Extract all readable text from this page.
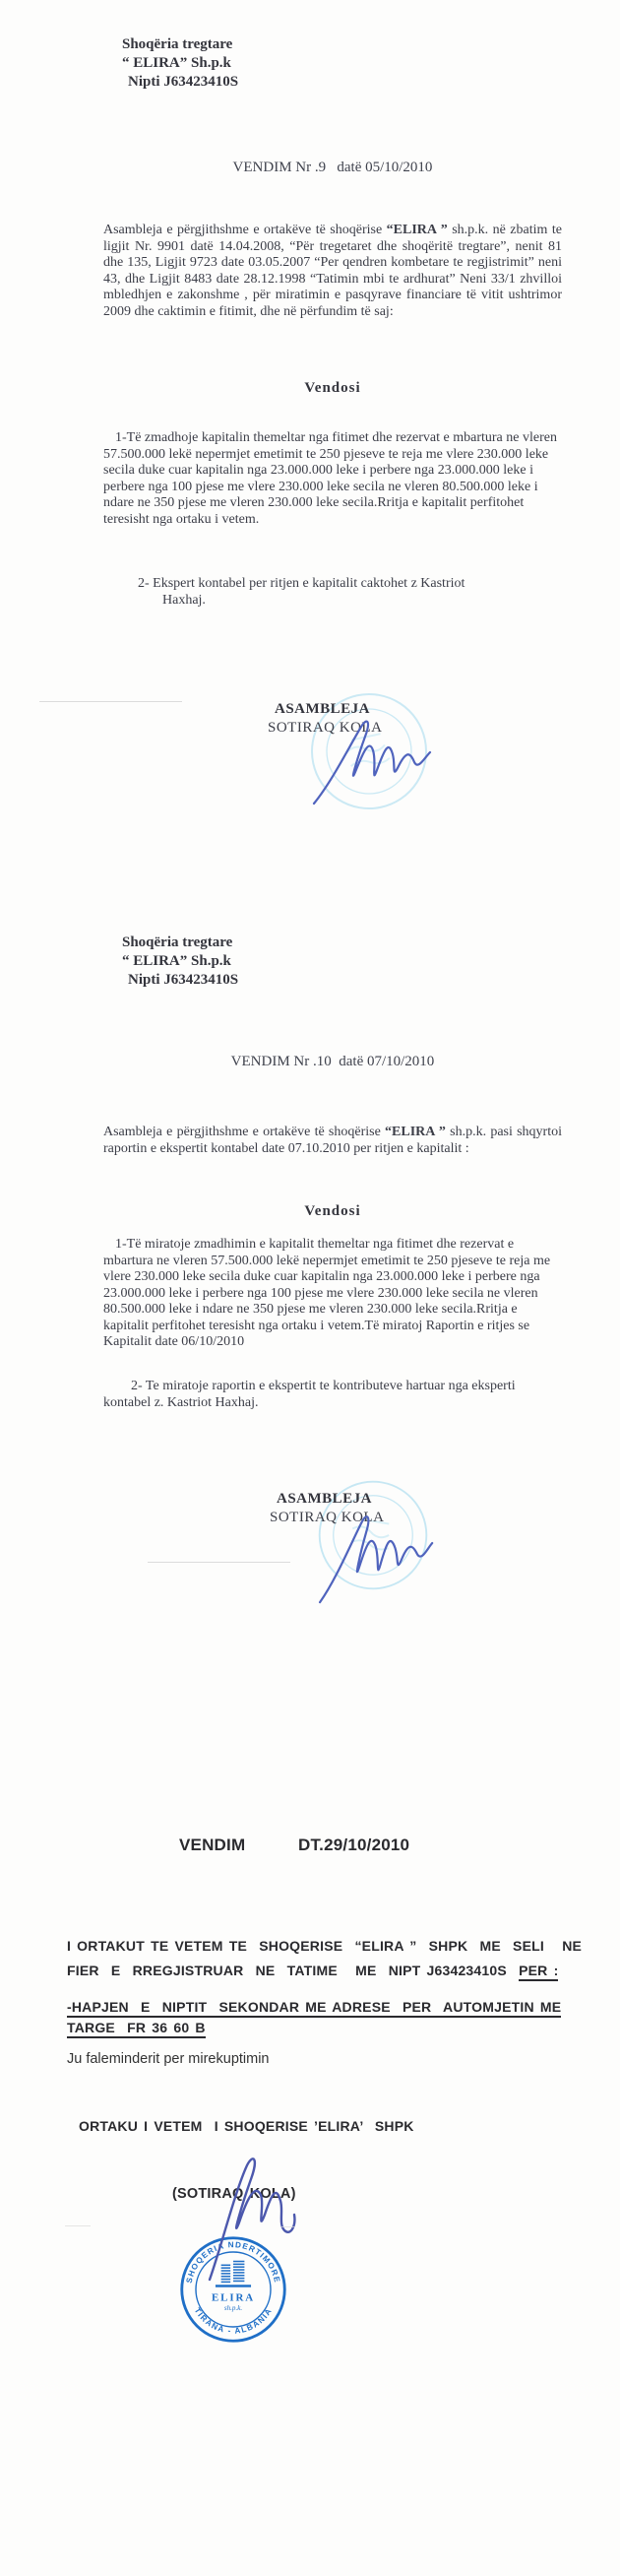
Shoqëria tregtare
“ ELIRA” Sh.p.k
Nipti J63423410S
VENDIM Nr .9   datë 05/10/2010
Asambleja e përgjithshme e ortakëve të shoqërise “ELIRA ” sh.p.k. në zbatim te ligjit Nr. 9901 datë 14.04.2008, “Për tregetaret dhe shoqëritë tregtare”, nenit 81 dhe 135, Ligjit 9723 date 03.05.2007 “Per qendren kombetare te regjistrimit” neni 43, dhe Ligjit 8483 date 28.12.1998 “Tatimin mbi te ardhurat” Neni 33/1 zhvilloi mbledhjen e zakonshme , për miratimin e pasqyrave financiare të vitit ushtrimor 2009 dhe caktimin e fitimit, dhe në përfundim të saj:
Vendosi
1-Të zmadhoje kapitalin themeltar nga fitimet dhe rezervat e mbartura ne vleren 57.500.000 lekë nepermjet emetimit te 250 pjeseve te reja me vlere 230.000 leke secila duke cuar kapitalin nga 23.000.000 leke i perbere nga 23.000.000 leke i perbere nga 100 pjese me vlere 230.000 leke secila ne vleren 80.500.000 leke i ndare ne 350 pjese me vleren 230.000 leke secila.Rritja e kapitalit perfitohet teresisht nga ortaku i vetem.
2- Ekspert kontabel per ritjen e kapitalit caktohet z Kastriot Haxhaj.
ASAMBLEJA
SOTIRAQ KOLA
Shoqëria tregtare
“ ELIRA” Sh.p.k
Nipti J63423410S
VENDIM Nr .10  datë 07/10/2010
Asambleja e përgjithshme e ortakëve të shoqërise “ELIRA ” sh.p.k. pasi shqyrtoi raportin e ekspertit kontabel date 07.10.2010 per ritjen e kapitalit :
Vendosi
1-Të miratoje zmadhimin e kapitalit themeltar nga fitimet dhe rezervat e mbartura ne vleren 57.500.000 lekë nepermjet emetimit te 250 pjeseve te reja me vlere 230.000 leke secila duke cuar kapitalin nga 23.000.000 leke i perbere nga 23.000.000 leke i perbere nga 100 pjese me vlere 230.000 leke secila ne vleren 80.500.000 leke i ndare ne 350 pjese me vleren 230.000 leke secila.Rritja e kapitalit perfitohet teresisht nga ortaku i vetem.Të miratoj Raportin e ritjes se Kapitalit date 06/10/2010
2- Te miratoje raportin e ekspertit te kontributeve hartuar nga eksperti kontabel z. Kastriot Haxhaj.
ASAMBLEJA
SOTIRAQ KOLA
VENDIM	DT.29/10/2010
I ORTAKUT TE VETEM TE  SHOQERISE  “ELIRA ”  SHPK  ME  SELI   NE
FIER  E  RREGJISTRUAR  NE  TATIME   ME  NIPT J63423410S  PER :
-HAPJEN  E  NIPTIT  SEKONDAR ME ADRESE  PER  AUTOMJETIN ME
TARGE  FR 36 60 B
Ju faleminderit per mirekuptimin
ORTAKU I VETEM  I SHOQERISE ’ELIRA’  SHPK
(SOTIRAQ KOLA)
SHOQERIA NDERTIMORE
TIRANA - ALBANIA
ELIRA
sh.p.k.
